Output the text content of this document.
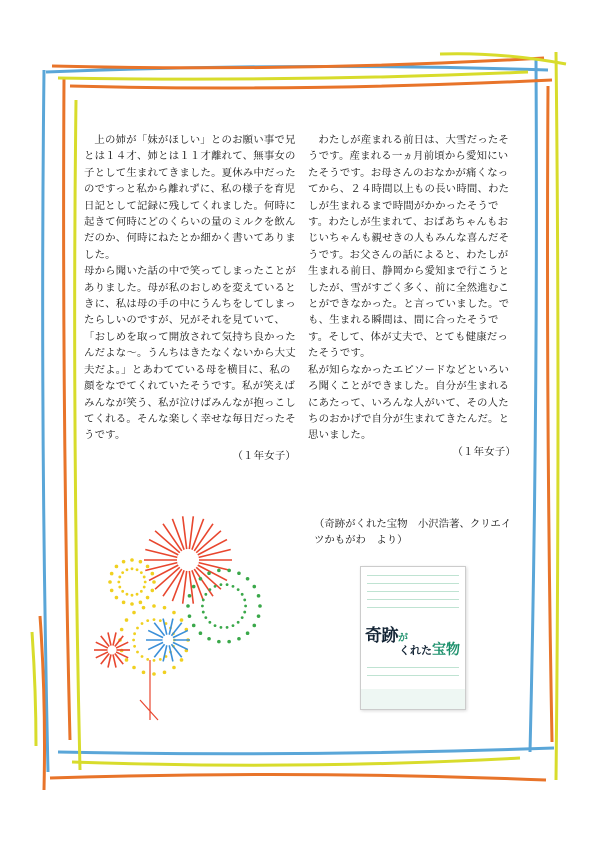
上の姉が「妹がほしい」とのお願い事で兄とは１４才、姉とは１１才離れて、無事女の子として生まれてきました。夏休み中だったのですっと私から離れずに、私の様子を育児日記として記録に残してくれました。何時に起きて何時にどのくらいの量のミルクを飲んだのか、何時にねたとか細かく書いてありました。

母から聞いた話の中で笑ってしまったことがありました。母が私のおしめを変えているときに、私は母の手の中にうんちをしてしまったらしいのですが、兄がそれを見ていて、「おしめを取って開放されて気持ち良かったんだよな〜。うんちはきたなくないから大丈夫だよ。」とあわてている母を横目に、私の顔をなでてくれていたそうです。私が笑えばみんなが笑う、私が泣けばみんなが抱っこしてくれる。そんな楽しく幸せな毎日だったそうです。

（１年女子）

わたしが産まれる前日は、大雪だったそうです。産まれる一ヵ月前頃から愛知にいたそうです。お母さんのおなかが痛くなってから、２４時間以上もの長い時間、わたしが生まれるまで時間がかかったそうです。わたしが生まれて、おばあちゃんもおじいちゃんも親せきの人もみんな喜んだそうです。お父さんの話によると、わたしが生まれる前日、静岡から愛知まで行こうとしたが、雪がすごく多く、前に全然進むことができなかった。と言っていました。でも、生まれる瞬間は、間に合ったそうです。そして、体が丈夫で、とても健康だったそうです。

私が知らなかったエピソードなどといろいろ聞くことができました。自分が生まれるにあたって、いろんな人がいて、その人たちのおかげで自分が生まれてきたんだ。と思いました。

（１年女子）

（奇跡がくれた宝物　小沢浩著、クリエイツかもがわ　より）
奇跡が
くれた宝物
